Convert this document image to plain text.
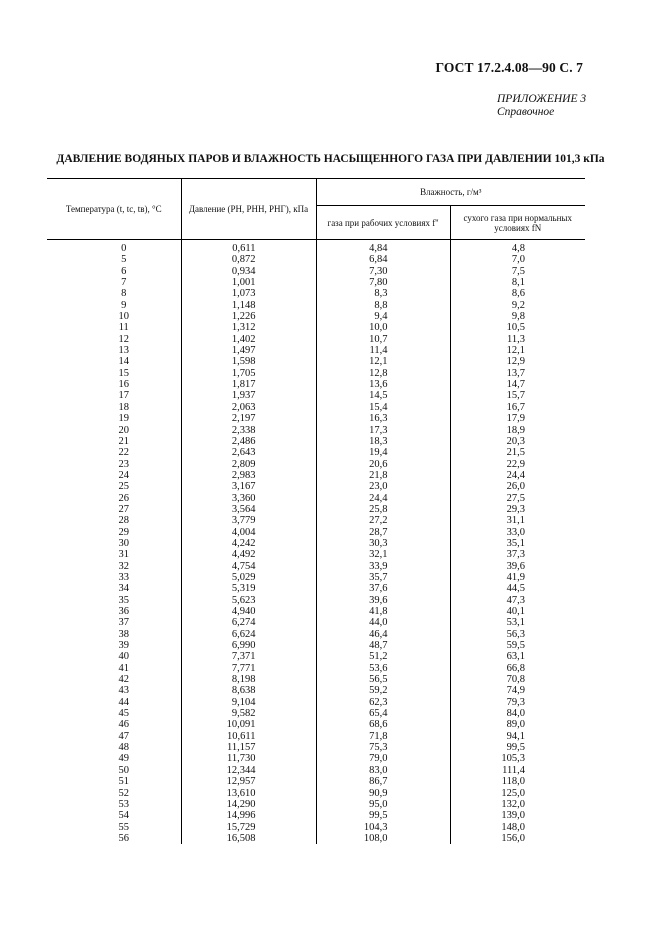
ГОСТ 17.2.4.08—90 С. 7
ПРИЛОЖЕНИЕ 3
Справочное
ДАВЛЕНИЕ ВОДЯНЫХ ПАРОВ И ВЛАЖНОСТЬ НАСЫЩЕННОГО ГАЗА ПРИ ДАВЛЕНИИ 101,3 кПа
Температура (t, tс, tв), °С	Давление (PН, PНН, PНГ), кПа	Влажность, г/м³	
		газа при рабочих условиях f''	сухого газа при нормальных условиях fN
0	0,611	4,84	4,8
5	0,872	6,84	7,0
6	0,934	7,30	7,5
7	1,001	7,80	8,1
8	1,073	8,3	8,6
9	1,148	8,8	9,2
10	1,226	9,4	9,8
11	1,312	10,0	10,5
12	1,402	10,7	11,3
13	1,497	11,4	12,1
14	1,598	12,1	12,9
15	1,705	12,8	13,7
16	1,817	13,6	14,7
17	1,937	14,5	15,7
18	2,063	15,4	16,7
19	2,197	16,3	17,9
20	2,338	17,3	18,9
21	2,486	18,3	20,3
22	2,643	19,4	21,5
23	2,809	20,6	22,9
24	2,983	21,8	24,4
25	3,167	23,0	26,0
26	3,360	24,4	27,5
27	3,564	25,8	29,3
28	3,779	27,2	31,1
29	4,004	28,7	33,0
30	4,242	30,3	35,1
31	4,492	32,1	37,3
32	4,754	33,9	39,6
33	5,029	35,7	41,9
34	5,319	37,6	44,5
35	5,623	39,6	47,3
36	4,940	41,8	40,1
37	6,274	44,0	53,1
38	6,624	46,4	56,3
39	6,990	48,7	59,5
40	7,371	51,2	63,1
41	7,771	53,6	66,8
42	8,198	56,5	70,8
43	8,638	59,2	74,9
44	9,104	62,3	79,3
45	9,582	65,4	84,0
46	10,091	68,6	89,0
47	10,611	71,8	94,1
48	11,157	75,3	99,5
49	11,730	79,0	105,3
50	12,344	83,0	111,4
51	12,957	86,7	118,0
52	13,610	90,9	125,0
53	14,290	95,0	132,0
54	14,996	99,5	139,0
55	15,729	104,3	148,0
56	16,508	108,0	156,0
